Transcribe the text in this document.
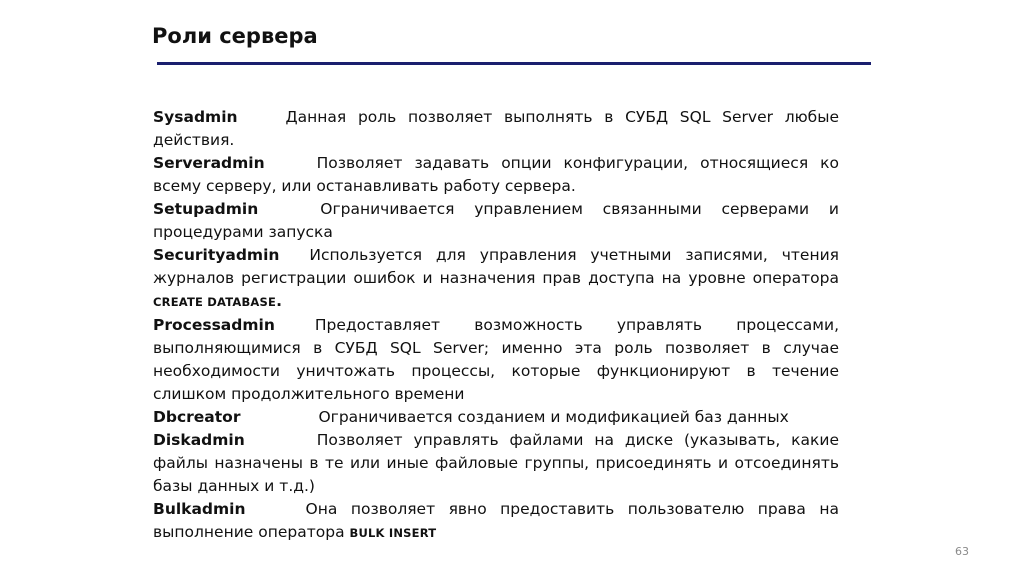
Роли сервера

Sysadmin	Данная роль позволяет выполнять в СУБД SQL Server любые действия.

Serveradmin	Позволяет задавать опции конфигурации, относящиеся ко всему серверу, или останавливать работу сервера.

Setupadmin	Ограничивается управлением связанными серверами и процедурами запуска

Securityadmin Используется для управления учетными записями, чтения журналов регистрации ошибок и назначения прав доступа на уровне оператора CREATE DATABASE.

Processadmin	Предоставляет возможность управлять процессами, выполняющимися в СУБД SQL Server; именно эта роль позволяет в случае необходимости уничтожать процессы, которые функционируют в течение слишком продолжительного времени

Dbcreator	Ограничивается созданием и модификацией баз данных

Diskadmin	Позволяет управлять файлами на диске (указывать, какие файлы назначены в те или иные файловые группы, присоединять и отсоединять базы данных и т.д.)

Bulkadmin	Она позволяет явно предоставить пользователю права на выполнение оператора BULK INSERT

63
